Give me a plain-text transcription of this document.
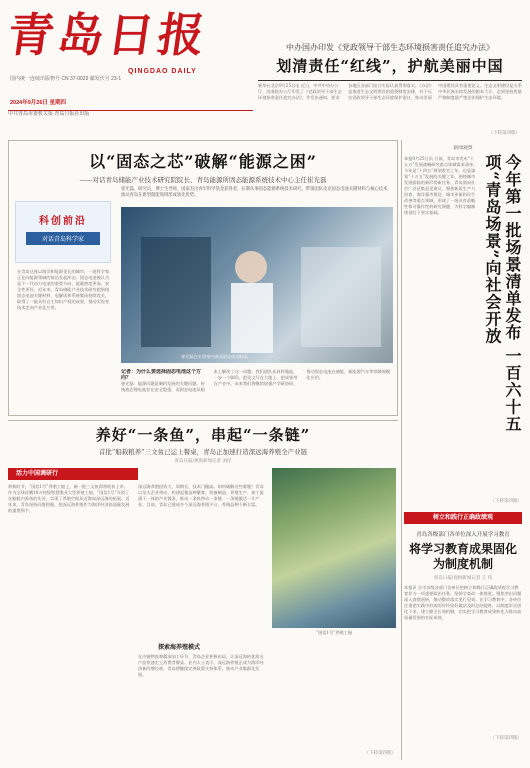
青岛日报
QINGDAO DAILY
国内统一连续出版物号 CN 37-0029 邮发代号 23-1
2024年9月26日 星期四
中共青岛市委机关报 青岛日报社出版
中办国办印发《党政领导干部生态环境损害责任追究办法》
划清责任“红线”，护航美丽中国
新华社北京9月25日电 近日，中共中央办公厅、国务院办公厅印发了《党政领导干部生态环境损害责任追究办法》，并发出通知，要求各地区各部门结合实际认真贯彻落实。《办法》是推进生态文明建设的重要制度安排，对于压实党政领导干部生态环境保护责任、推动美丽中国建设具有重要意义。生态文明建设是关系中华民族永续发展的根本大计，必须坚持用最严格制度最严密法治保护生态环境。
（下转第四版）
以“固态之芯”破解“能源之困”
——对话青岛储能产业技术研究院院长、青岛能源所固态能源系统技术中心主任崔光磊
崔光磊，研究员，博士生导师，国家杰出青年科学基金获得者。长期从事固态能源系统技术研究，带领团队攻克固态电池关键材料与核心技术，推动青岛在新型储能领域形成领先优势。
科创前沿
对话青岛科学家
在青岛这座以海洋和能源见长的城市，一批科学家正在向能源领域的前沿发起冲击。固态电池被认为是下一代动力电池的重要方向，能量密度更高、安全性更好。近年来，青岛储能产业技术研究院围绕固态电池关键材料、电解质和系统集成持续攻关，取得了一批具有自主知识产权的成果，推动实验室技术走向产业化应用。
崔光磊在实验室内查看固态电池样品
记者：为什么要选择固态电池这个方向？
崔光磊：能源问题是制约发展的关键问题。传统液态锂电池存在安全隐患，而固态电池从根本上解决了这一问题。我们团队从材料做起，一步一个脚印，把论文写在大地上，把成果用在产业中。未来我们将继续加强产学研协同，推动固态电池在储能、新能源汽车等领域规模化应用。
新闻观察
本报9月25日讯 日前，青岛市发布“十五五”发展战略研究重点领域需求清单。今年是“十四五”规划收官之年，也是谋划“十五五”发展的关键之年。围绕城市发展面临的新形势新任务，青岛面向社会广泛征集意见建议，聚焦新质生产力培育、海洋强市建设、城市更新和民生改善等重点领域，形成了一批具有前瞻性和可操作性的研究课题，为科学编制规划打下坚实基础。	今年第一批场景清单发布 一百六十五项“青岛场景”向社会开放
（下转第四版）
养好“一条鱼”，串起“一条链”
首批“船载粮养”三文鱼已运上餐桌，青岛正加速打造深远海养殖全产业链
青岛日报/观海新闻记者 刘洋
活力中国调研行
初秋时节，“国信1号”养殖工船上，新一批三文鱼即将收获上市。作为全球首艘10万吨级智慧渔业大型养殖工船，“国信1号”开创了在船舱内养鱼的先河，实现了养殖空间从近海向深远海的拓展。近年来，青岛坚持向海图强，把深远海养殖作为海洋经济高质量发展的重要抓手。
深远海养殖投资大、周期长、技术门槛高。如何破解这些难题？青岛以龙头企业带动，构建起集苗种繁育、装备制造、养殖生产、加工流通于一体的产业链条，推动一条鱼带动一条链、一条链激活一片产业。目前，青岛已建成多个深远海养殖平台，养殖品种不断丰富。
探索海养殖模式
在冷链物流和精深加工环节，青岛企业积极布局，让深远海的优质水产品快速走上消费者餐桌。业内人士表示，深远海养殖正成为海洋经济新的增长极，青岛将继续完善政策支持体系，推动产业集群化发展。
“国信1号”养殖工船
（下转第四版）
树立和践行正确政绩观
青岛各级部门各单位深入开展学习教育
将学习教育成果固化为制度机制
青岛日报/观海新闻记者 王 伟
本报讯 全市各级各部门各单位把树立和践行正确政绩观学习教育作为一项重要政治任务，坚持学查改一体推进，聚焦突出问题深入查摆剖析，推动整改落实见行见效。在学习教育中，各单位注重把实践中形成的好经验好做法及时总结提炼，以制度形式固化下来，建立健全长效机制，切实把学习教育成果转化为推动高质量发展的实际成效。
（下转第四版）
